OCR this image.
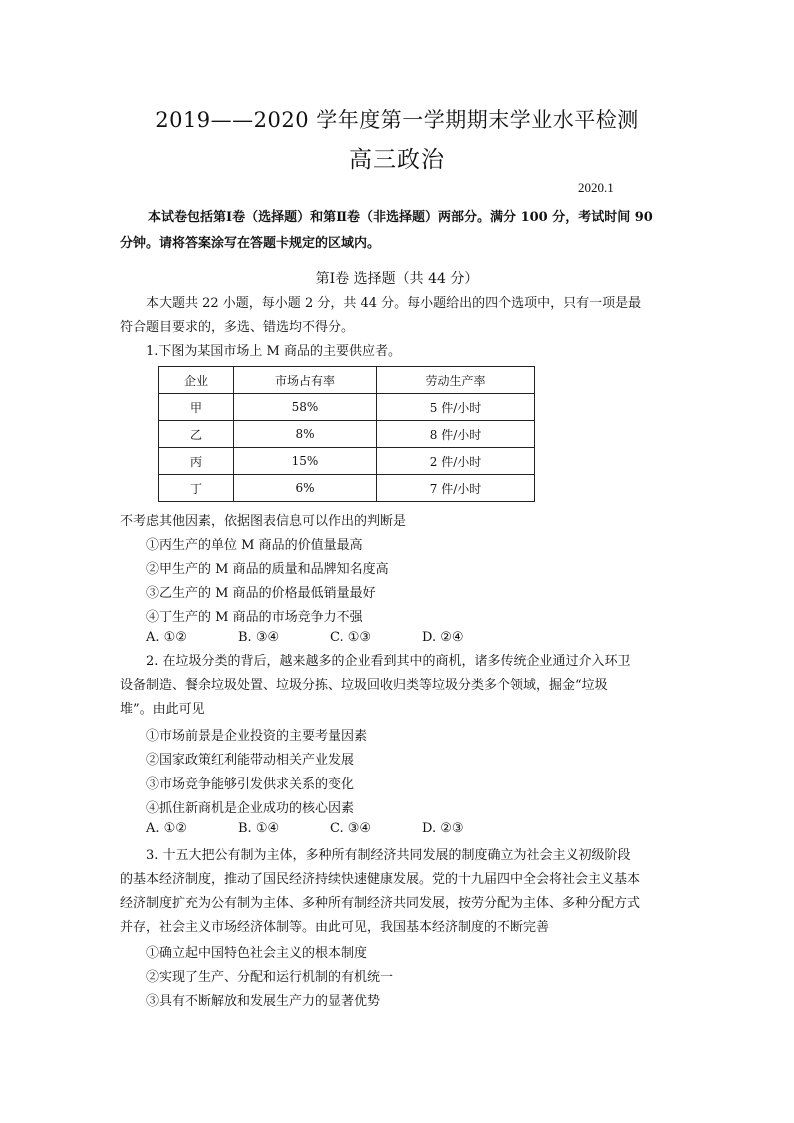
2019——2020 学年度第一学期期末学业水平检测
高三政治
2020.1
本试卷包括第Ⅰ卷（选择题）和第Ⅱ卷（非选择题）两部分。满分 100 分，考试时间 90
分钟。请将答案涂写在答题卡规定的区域内。
第Ⅰ卷 选择题（共 44 分）
本大题共 22 小题，每小题 2 分，共 44 分。每小题给出的四个选项中，只有一项是最
符合题目要求的，多选、错选均不得分。
1.下图为某国市场上 M 商品的主要供应者。
企业	市场占有率	劳动生产率
甲	58%	5 件/小时
乙	8%	8 件/小时
丙	15%	2 件/小时
丁	6%	7 件/小时
不考虑其他因素，依据图表信息可以作出的判断是
①丙生产的单位 M 商品的价值量最高
②甲生产的 M 商品的质量和品牌知名度高
③乙生产的 M 商品的价格最低销量最好
④丁生产的 M 商品的市场竞争力不强
A. ①②	B. ③④	C. ①③	D. ②④
2. 在垃圾分类的背后，越来越多的企业看到其中的商机，诸多传统企业通过介入环卫
设备制造、餐余垃圾处置、垃圾分拣、垃圾回收归类等垃圾分类多个领域，掘金“垃圾
堆”。由此可见
①市场前景是企业投资的主要考量因素
②国家政策红利能带动相关产业发展
③市场竞争能够引发供求关系的变化
④抓住新商机是企业成功的核心因素
A. ①②	B. ①④	C. ③④	D. ②③
3. 十五大把公有制为主体，多种所有制经济共同发展的制度确立为社会主义初级阶段
的基本经济制度，推动了国民经济持续快速健康发展。党的十九届四中全会将社会主义基本
经济制度扩充为公有制为主体、多种所有制经济共同发展，按劳分配为主体、多种分配方式
并存，社会主义市场经济体制等。由此可见，我国基本经济制度的不断完善
①确立起中国特色社会主义的根本制度
②实现了生产、分配和运行机制的有机统一
③具有不断解放和发展生产力的显著优势
